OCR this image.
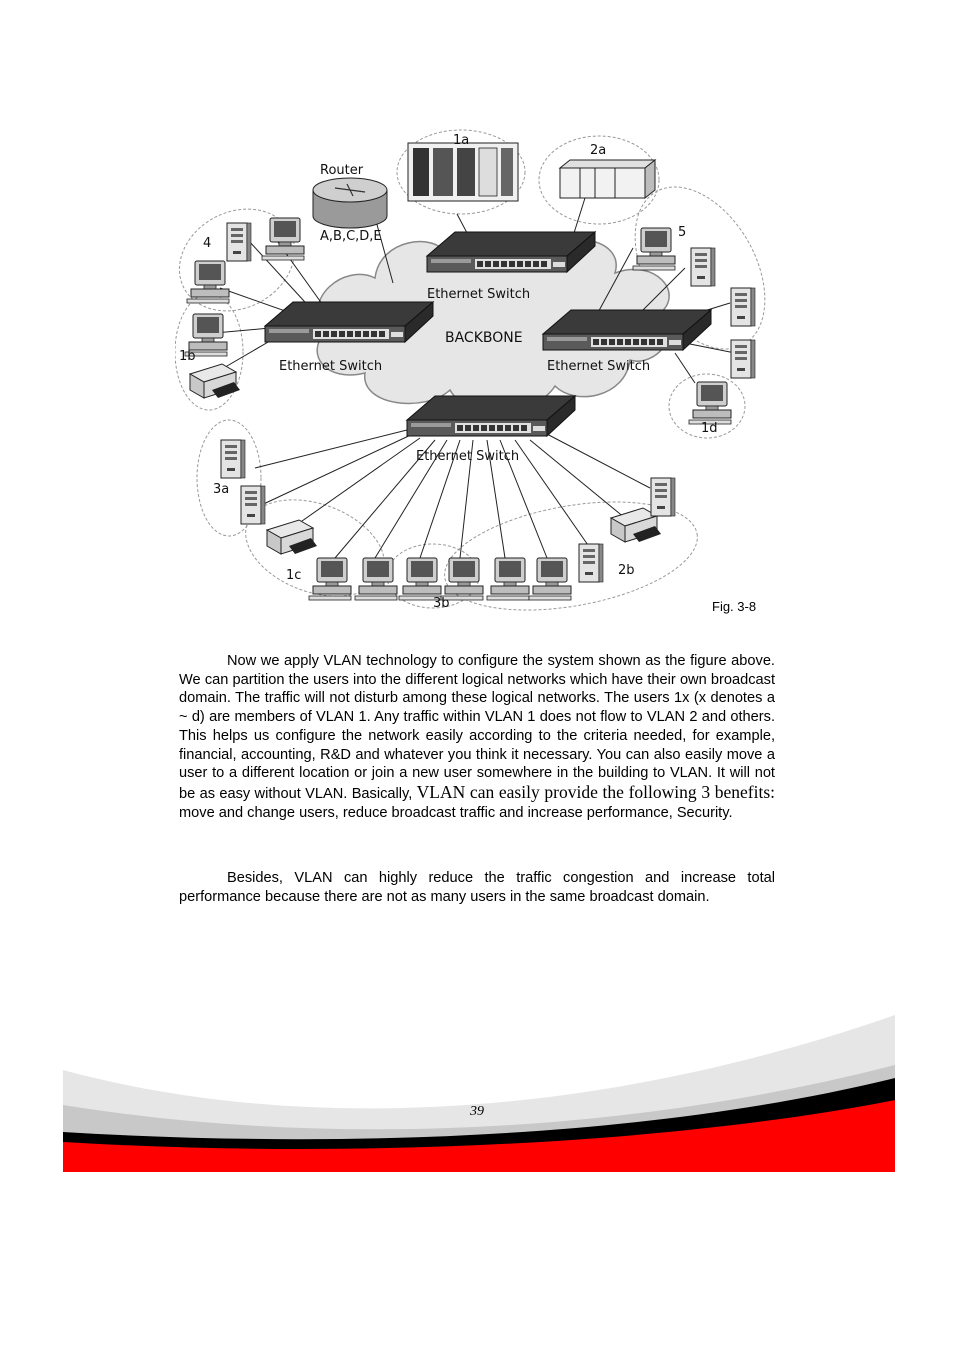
Router
A,B,C,D,E
BACKBONE
Ethernet Switch
Ethernet Switch	Ethernet Switch
Ethernet Switch
1a
2a
4
5
1b
1d
3a
1c
3b
2b
Fig. 3-8
Now we apply VLAN technology to configure the system shown as the figure above. We can partition the users into the different logical networks which have their own broadcast domain. The traffic will not disturb among these logical networks. The users 1x (x denotes a ~ d) are members of VLAN 1. Any traffic within VLAN 1 does not flow to VLAN 2 and others. This helps us configure the network easily according to the criteria needed, for example, financial, accounting, R&D and whatever you think it necessary. You can also easily move a user to a different location or join a new user somewhere in the building to VLAN. It will not be as easy without VLAN. Basically, VLAN can easily provide the following 3 benefits: move and change users, reduce broadcast traffic and increase performance, Security.
Besides, VLAN can highly reduce the traffic congestion and increase total performance because there are not as many users in the same broadcast domain.
39
